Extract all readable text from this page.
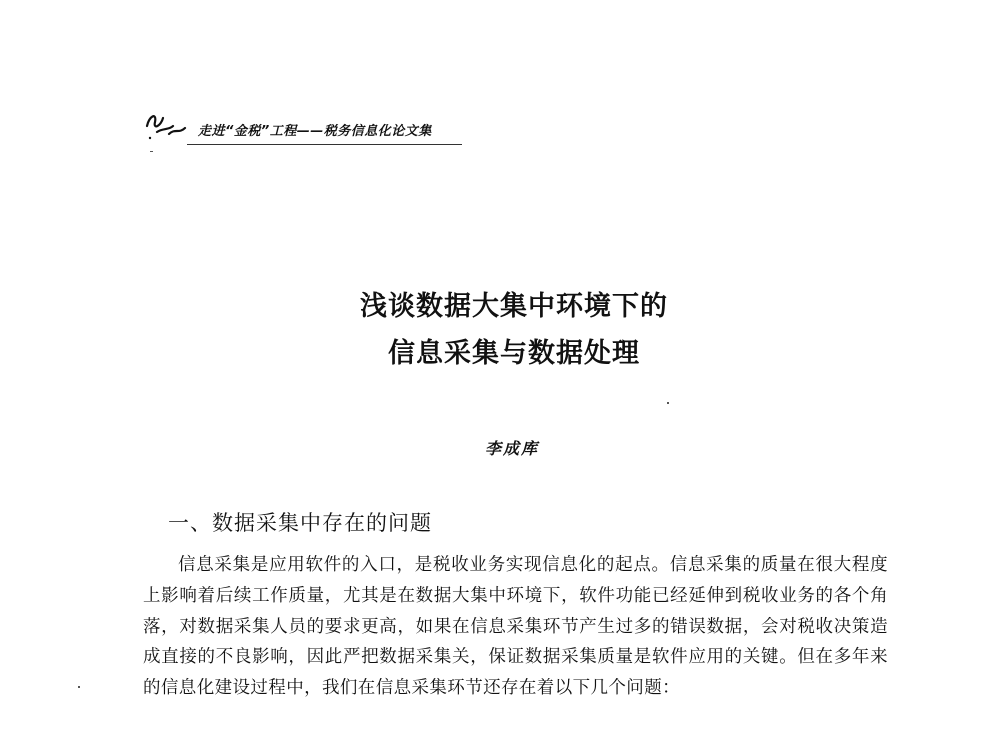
走进“金税”工程——税务信息化论文集
浅谈数据大集中环境下的
信息采集与数据处理
李成库
一、数据采集中存在的问题
信息采集是应用软件的入口，是税收业务实现信息化的起点。信息采集的质量在很大程度上影响着后续工作质量，尤其是在数据大集中环境下，软件功能已经延伸到税收业务的各个角落，对数据采集人员的要求更高，如果在信息采集环节产生过多的错误数据，会对税收决策造成直接的不良影响，因此严把数据采集关，保证数据采集质量是软件应用的关键。但在多年来的信息化建设过程中，我们在信息采集环节还存在着以下几个问题：
